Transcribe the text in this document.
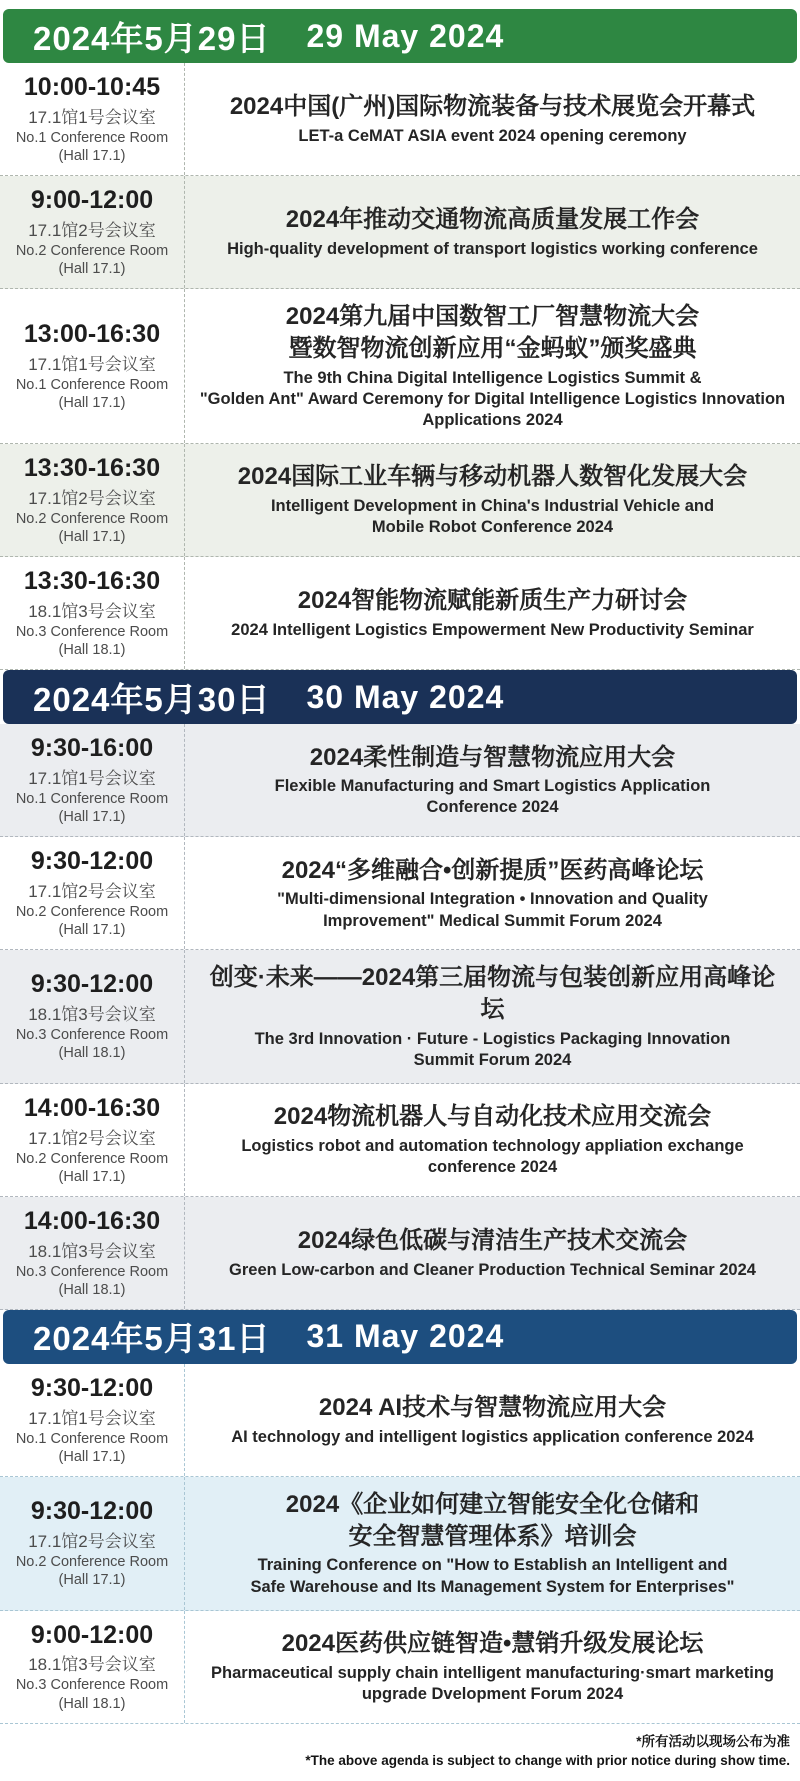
2024年5月29日 29 May 2024
10:00-10:45
17.1馆1号会议室
No.1 Conference Room
(Hall 17.1)
2024中国(广州)国际物流装备与技术展览会开幕式
LET-a CeMAT ASIA event 2024 opening ceremony
9:00-12:00
17.1馆2号会议室
No.2 Conference Room
(Hall 17.1)
2024年推动交通物流高质量发展工作会
High-quality development of transport logistics working conference
13:00-16:30
17.1馆1号会议室
No.1 Conference Room
(Hall 17.1)
2024第九届中国数智工厂智慧物流大会
暨数智物流创新应用“金蚂蚁”颁奖盛典
The 9th China Digital Intelligence Logistics Summit &
"Golden Ant" Award Ceremony for Digital Intelligence Logistics Innovation
Applications 2024
13:30-16:30
17.1馆2号会议室
No.2 Conference Room
(Hall 17.1)
2024国际工业车辆与移动机器人数智化发展大会
Intelligent Development in China's Industrial Vehicle and
Mobile Robot Conference 2024
13:30-16:30
18.1馆3号会议室
No.3 Conference Room
(Hall 18.1)
2024智能物流赋能新质生产力研讨会
2024 Intelligent Logistics Empowerment New Productivity Seminar
2024年5月30日 30 May 2024
9:30-16:00
17.1馆1号会议室
No.1 Conference Room
(Hall 17.1)
2024柔性制造与智慧物流应用大会
Flexible Manufacturing and Smart Logistics Application
Conference 2024
9:30-12:00
17.1馆2号会议室
No.2 Conference Room
(Hall 17.1)
2024“多维融合•创新提质”医药高峰论坛
"Multi-dimensional Integration • Innovation and Quality
Improvement" Medical Summit Forum 2024
9:30-12:00
18.1馆3号会议室
No.3 Conference Room
(Hall 18.1)
创变·未来——2024第三届物流与包装创新应用高峰论坛
The 3rd Innovation · Future - Logistics Packaging Innovation
Summit Forum 2024
14:00-16:30
17.1馆2号会议室
No.2 Conference Room
(Hall 17.1)
2024物流机器人与自动化技术应用交流会
Logistics robot and automation technology appliation exchange
conference 2024
14:00-16:30
18.1馆3号会议室
No.3 Conference Room
(Hall 18.1)
2024绿色低碳与清洁生产技术交流会
Green Low-carbon and Cleaner Production Technical Seminar 2024
2024年5月31日 31 May 2024
9:30-12:00
17.1馆1号会议室
No.1 Conference Room
(Hall 17.1)
2024 AI技术与智慧物流应用大会
AI technology and intelligent logistics application conference 2024
9:30-12:00
17.1馆2号会议室
No.2 Conference Room
(Hall 17.1)
2024《企业如何建立智能安全化仓储和
安全智慧管理体系》培训会
Training Conference on "How to Establish an Intelligent and
Safe Warehouse and Its Management System for Enterprises"
9:00-12:00
18.1馆3号会议室
No.3 Conference Room
(Hall 18.1)
2024医药供应链智造•慧销升级发展论坛
Pharmaceutical supply chain intelligent manufacturing·smart marketing
upgrade Dvelopment Forum 2024
*所有活动以现场公布为准
*The above agenda is subject to change with prior notice during show time.
